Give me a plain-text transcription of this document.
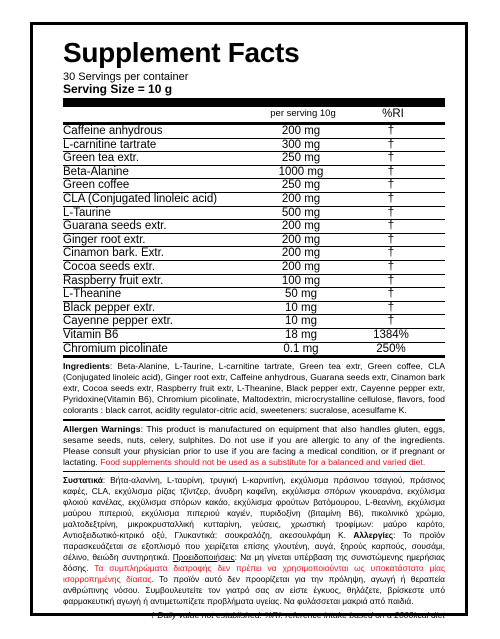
Supplement Facts
30 Servings per container
Serving Size = 10 g
per serving 10g	%RI
Caffeine anhydrous	200 mg	†
L-carnitine tartrate	300 mg	†
Green tea extr.	250 mg	†
Beta-Alanine	1000 mg	†
Green coffee	250 mg	†
CLA (Conjugated linoleic acid)	200 mg	†
L-Taurine	500 mg	†
Guarana seeds extr.	200 mg	†
Ginger root extr.	200 mg	†
Cinamon bark. Extr.	200 mg	†
Cocoa seeds extr.	200 mg	†
Raspberry fruit extr.	100 mg	†
L-Theanine	50 mg	†
Black pepper extr.	10 mg	†
Cayenne pepper extr.	10 mg	†
Vitamin B6	18 mg	1384%
Chromium picolinate	0.1 mg	250%
Ingredients: Beta-Alanine, L-Taurine, L-carnitine tartrate, Green tea extr, Green coffee, CLA (Conjugated linoleic acid), Ginger root extr, Caffeine anhydrous, Guarana seeds extr, Cinamon bark extr, Cocoa seeds extr, Raspberry fruit extr, L-Theanine, Black pepper extr, Cayenne pepper extr, Pyridoxine(Vitamin B6), Chromium picolinate, Maltodextrin, microcrystalline cellulose, flavors, food colorants : black carrot, acidity regulator-citric acid, sweeteners: sucralose, acesulfame K.
Allergen Warnings: This product is manufactured on equipment that also handles gluten, eggs, sesame seeds, nuts, celery, sulphites. Do not use if you are allergic to any of the ingredients. Please consult your physician prior to use if you are facing a medical condition, or if pregnant or lactating. Food supplements should not be used as a substitute for a balanced and varied diet.
Συστατικά: Βήτα-αλανίνη, L-ταυρίνη, τρυγική L-καρνιτίνη, εκχύλισμα πράσινου τσαγιού, πράσινος καφές, CLA, εκχύλισμα ρίζας τζίντζερ, άνυδρη καφεΐνη, εκχύλισμα σπόρων γκουαράνα, εκχύλισμα φλοιού κανέλας, εκχύλισμα σπόρων κακάο, εκχύλισμα φρούτων βατόμουρου, L-θεανίνη, εκχύλισμα μαύρου πιπεριού, εκχύλισμα πιπεριού καγιέν, πυριδοξίνη (βιταμίνη B6), πικολινικό χρώμιο, μαλτοδεξτρίνη, μικροκρυσταλλική κυτταρίνη, γεύσεις, χρωστική τροφίμων: μαύρο καρότο, Αντιοξειδωτικό-κιτρικό οξύ, Γλυκαντικά: σουκραλόζη, ακεσουλφάμη Κ. Αλλεργίες: Το προϊόν παρασκευάζεται σε εξοπλισμό που χειρίζεται επίσης γλουτένη, αυγά, ξηρούς καρπούς, σουσάμι, σέλινο, θειώδη συντηρητικά. Προειδοποιήσεις: Να μη γίνεται υπέρβαση της συνιστώμενης ημερήσιας δόσης. Τα συμπληρώματα διατροφής δεν πρέπει να χρησιμοποιούνται ως υποκατάστατο μίας ισορροπημένης δίαιτας. Το προϊόν αυτό δεν προορίζεται για την πρόληψη, αγωγή ή θεραπεία ανθρώπινης νόσου. Συμβουλευτείτε τον γιατρό σας αν είστε έγκυος, θηλάζετε, βρίσκεστε υπό φαρμακευτική αγωγή ή αντιμετωπίζετε προβλήματα υγείας. Να φυλάσσεται μακριά από παιδιά.
† Daily value not established. %RI: reference intake based on a 2000kcal diet
